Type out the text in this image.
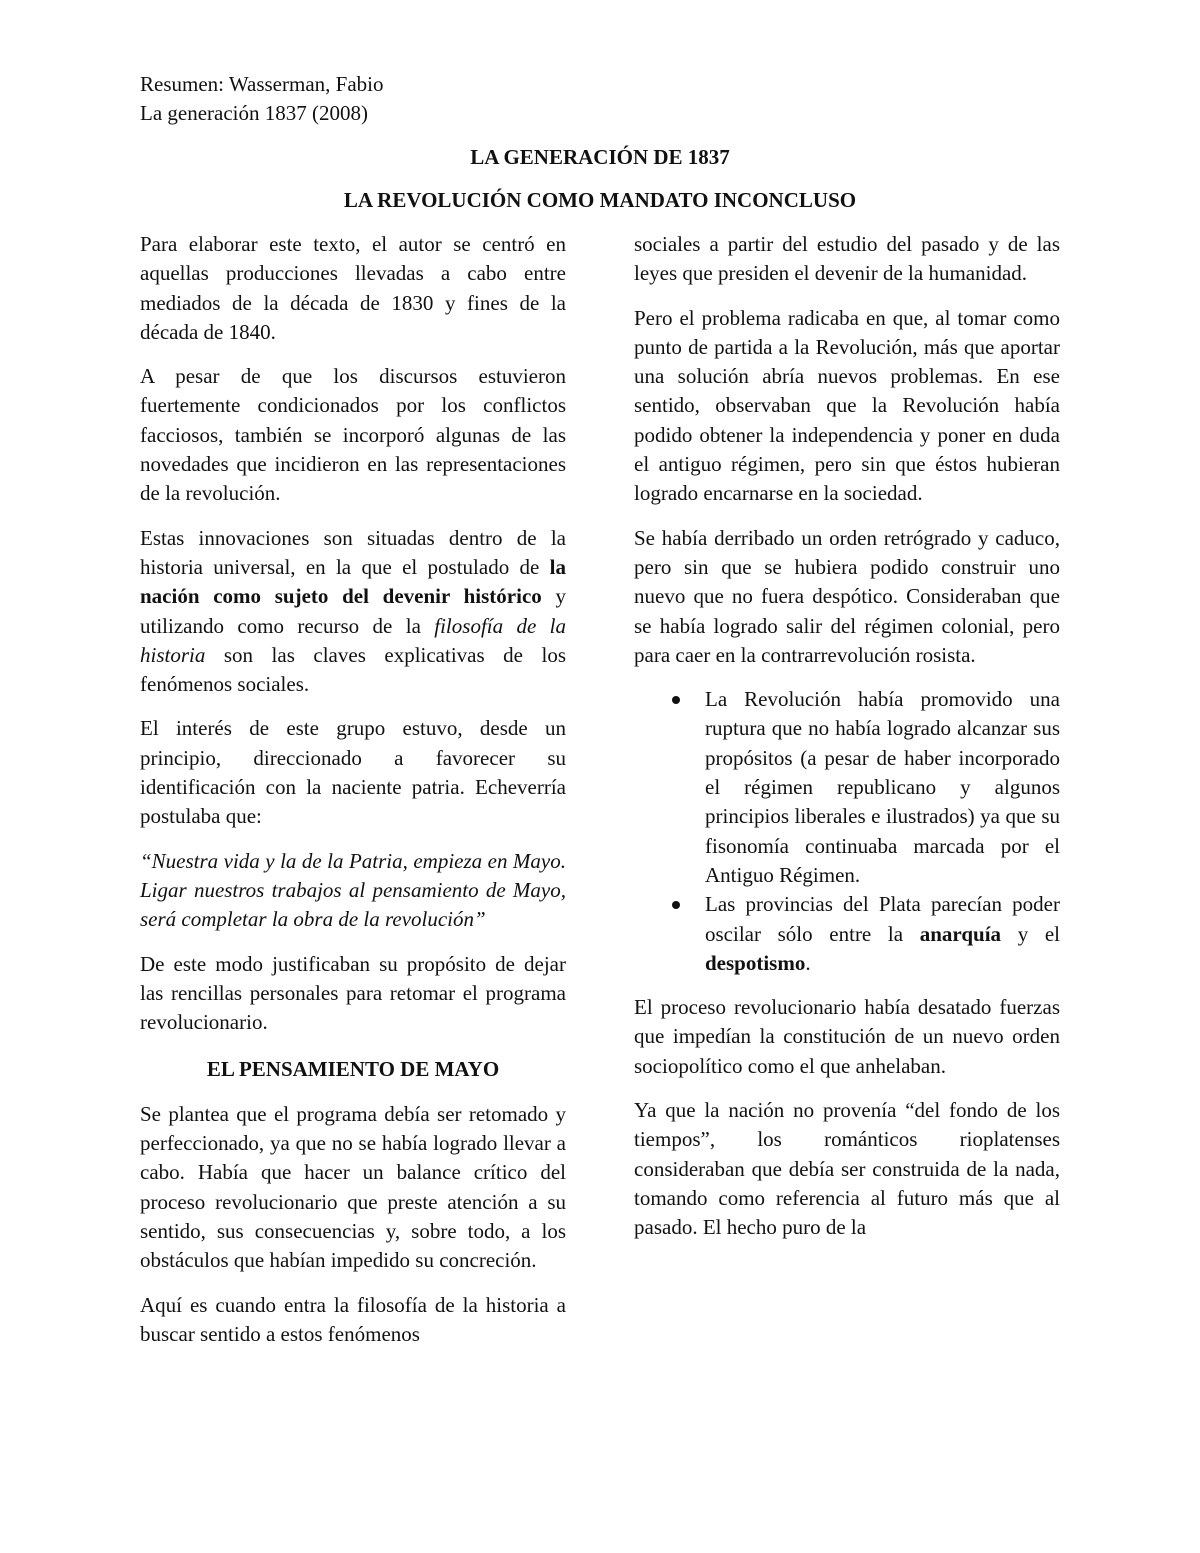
Resumen: Wasserman, Fabio
La generación 1837 (2008)
LA GENERACIÓN DE 1837
LA REVOLUCIÓN COMO MANDATO INCONCLUSO

Para elaborar este texto, el autor se centró en aquellas producciones llevadas a cabo entre mediados de la década de 1830 y fines de la década de 1840.

A pesar de que los discursos estuvieron fuertemente condicionados por los conflictos facciosos, también se incorporó algunas de las novedades que incidieron en las representaciones de la revolución.

Estas innovaciones son situadas dentro de la historia universal, en la que el postulado de la nación como sujeto del devenir histórico y utilizando como recurso de la filosofía de la historia son las claves explicativas de los fenómenos sociales.

El interés de este grupo estuvo, desde un principio, direccionado a favorecer su identificación con la naciente patria. Echeverría postulaba que:

“Nuestra vida y la de la Patria, empieza en Mayo. Ligar nuestros trabajos al pensamiento de Mayo, será completar la obra de la revolución”

De este modo justificaban su propósito de dejar las rencillas personales para retomar el programa revolucionario.

EL PENSAMIENTO DE MAYO

Se plantea que el programa debía ser retomado y perfeccionado, ya que no se había logrado llevar a cabo. Había que hacer un balance crítico del proceso revolucionario que preste atención a su sentido, sus consecuencias y, sobre todo, a los obstáculos que habían impedido su concreción.

Aquí es cuando entra la filosofía de la historia a buscar sentido a estos fenómenos

sociales a partir del estudio del pasado y de las leyes que presiden el devenir de la humanidad.

Pero el problema radicaba en que, al tomar como punto de partida a la Revolución, más que aportar una solución abría nuevos problemas. En ese sentido, observaban que la Revolución había podido obtener la independencia y poner en duda el antiguo régimen, pero sin que éstos hubieran logrado encarnarse en la sociedad.

Se había derribado un orden retrógrado y caduco, pero sin que se hubiera podido construir uno nuevo que no fuera despótico. Consideraban que se había logrado salir del régimen colonial, pero para caer en la contrarrevolución rosista.

La Revolución había promovido una ruptura que no había logrado alcanzar sus propósitos (a pesar de haber incorporado el régimen republicano y algunos principios liberales e ilustrados) ya que su fisonomía continuaba marcada por el Antiguo Régimen.
Las provincias del Plata parecían poder oscilar sólo entre la anarquía y el despotismo.

El proceso revolucionario había desatado fuerzas que impedían la constitución de un nuevo orden sociopolítico como el que anhelaban.

Ya que la nación no provenía “del fondo de los tiempos”, los románticos rioplatenses consideraban que debía ser construida de la nada, tomando como referencia al futuro más que al pasado. El hecho puro de la
